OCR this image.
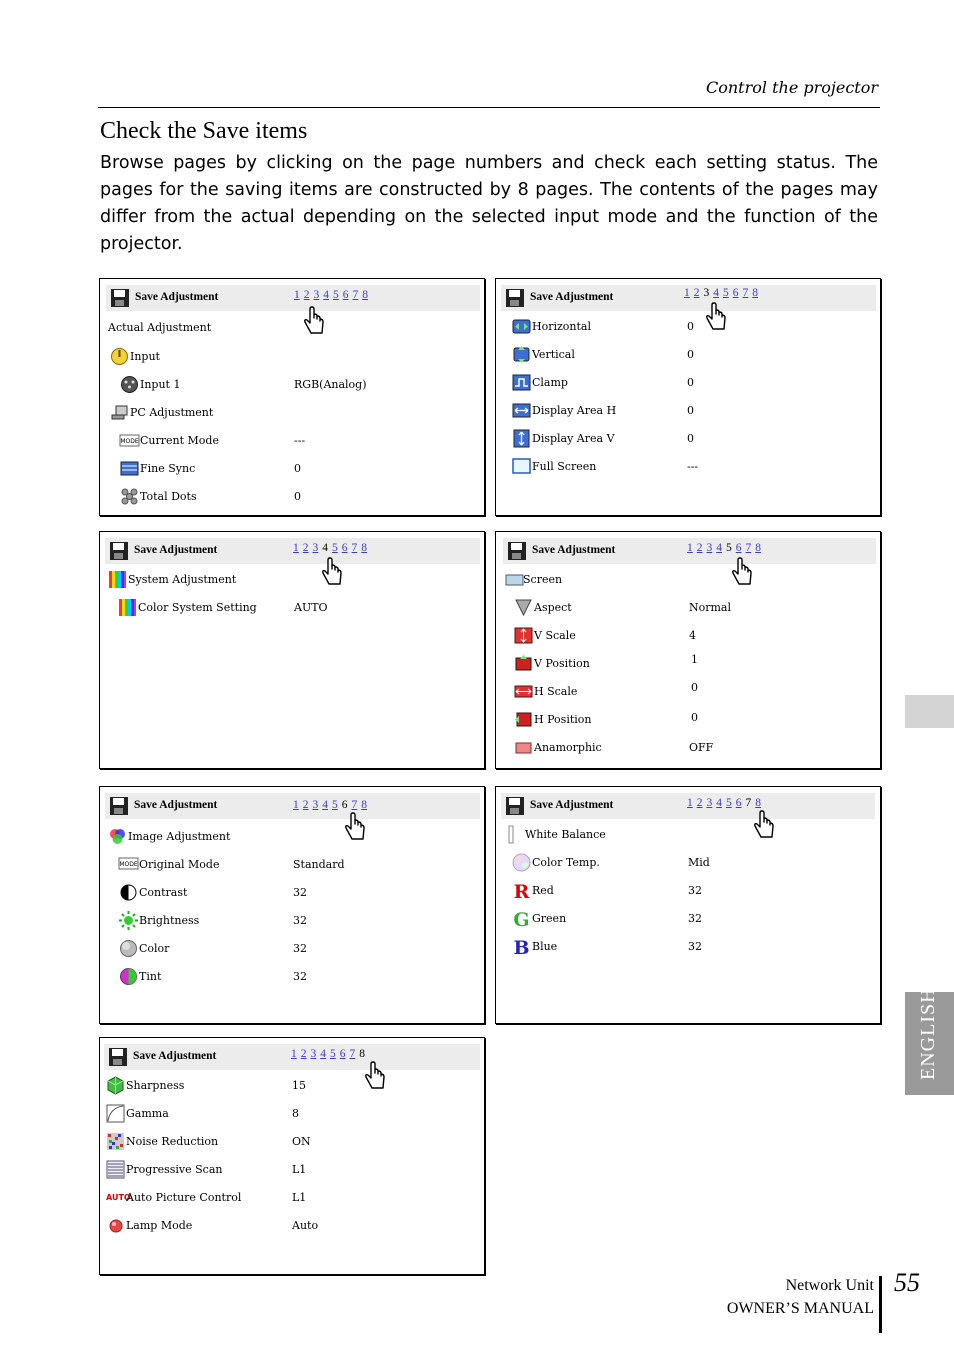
Control the projector
Check the Save items

Browse pages by clicking on the page numbers and check each setting status. The pages for the saving items are constructed by 8 pages. The contents of the pages may differ from the actual depending on the selected input mode and the function of the projector.

Save Adjustment	1 2 3 4 5 6 7 8
Actual Adjustment
Input
Input 1	RGB(Analog)
PC Adjustment
MODE Current Mode	---
Fine Sync	0
Total Dots	0
Save Adjustment	1 2 3 4 5 6 7 8
Horizontal	0
Vertical	0
Clamp	0
Display Area H	0
Display Area V	0
Full Screen	---
Save Adjustment	1 2 3 4 5 6 7 8
System Adjustment
Color System Setting	AUTO
Save Adjustment	1 2 3 4 5 6 7 8
Screen
Aspect	Normal
V Scale	4
V Position	1
H Scale	0
H Position	0
Anamorphic	OFF
Save Adjustment	1 2 3 4 5 6 7 8
Image Adjustment
MODE Original Mode	Standard
Contrast	32
Brightness	32
Color	32
Tint	32
Save Adjustment	1 2 3 4 5 6 7 8
White Balance
Color Temp.	Mid
R Red	32
G Green	32
B Blue	32
Save Adjustment	1 2 3 4 5 6 7 8
Sharpness	15
Gamma	8
Noise Reduction	ON
Progressive Scan	L1
AUTO
Auto Picture Control	L1
Lamp Mode	Auto
ENGLISH
Network Unit
OWNER’S MANUAL
55
